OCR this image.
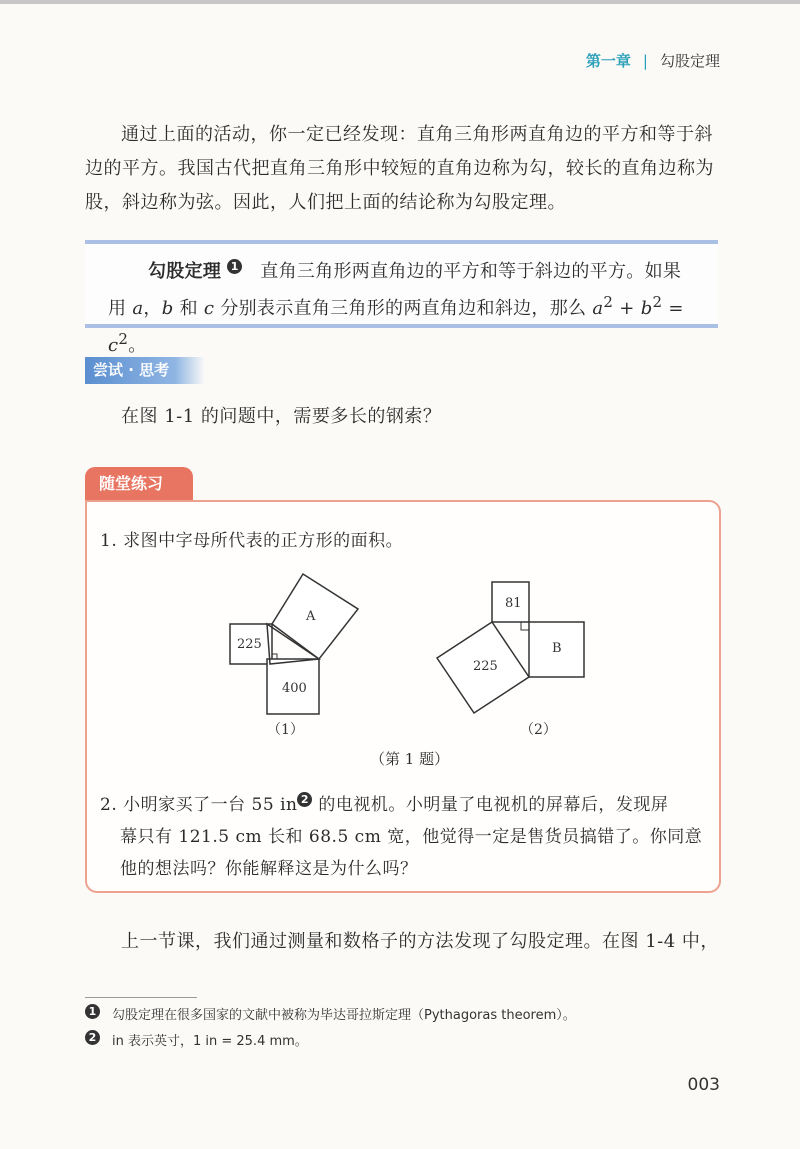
第一章 | 勾股定理
通过上面的活动，你一定已经发现：直角三角形两直角边的平方和等于斜
边的平方。我国古代把直角三角形中较短的直角边称为勾，较长的直角边称为
股，斜边称为弦。因此，人们把上面的结论称为勾股定理。
勾股定理 1 直角三角形两直角边的平方和等于斜边的平方。如果
用 a，b 和 c 分别表示直角三角形的两直角边和斜边，那么 $a^2 + b^2 = c^2$。
尝试 · 思考
在图 1-1 的问题中，需要多长的钢索？
随堂练习
1. 求图中字母所代表的正方形的面积。
225
400
A
81
B
225
（1）	（2）
（第 1 题）
2. 小明家买了一台 55 in 2 的电视机。小明量了电视机的屏幕后，发现屏
幕只有 121.5 cm 长和 68.5 cm 宽，他觉得一定是售货员搞错了。你同意
他的想法吗？你能解释这是为什么吗？
上一节课，我们通过测量和数格子的方法发现了勾股定理。在图 1-4 中，
1 勾股定理在很多国家的文献中被称为毕达哥拉斯定理（Pythagoras theorem）。
2 in 表示英寸，1 in = 25.4 mm。
003
